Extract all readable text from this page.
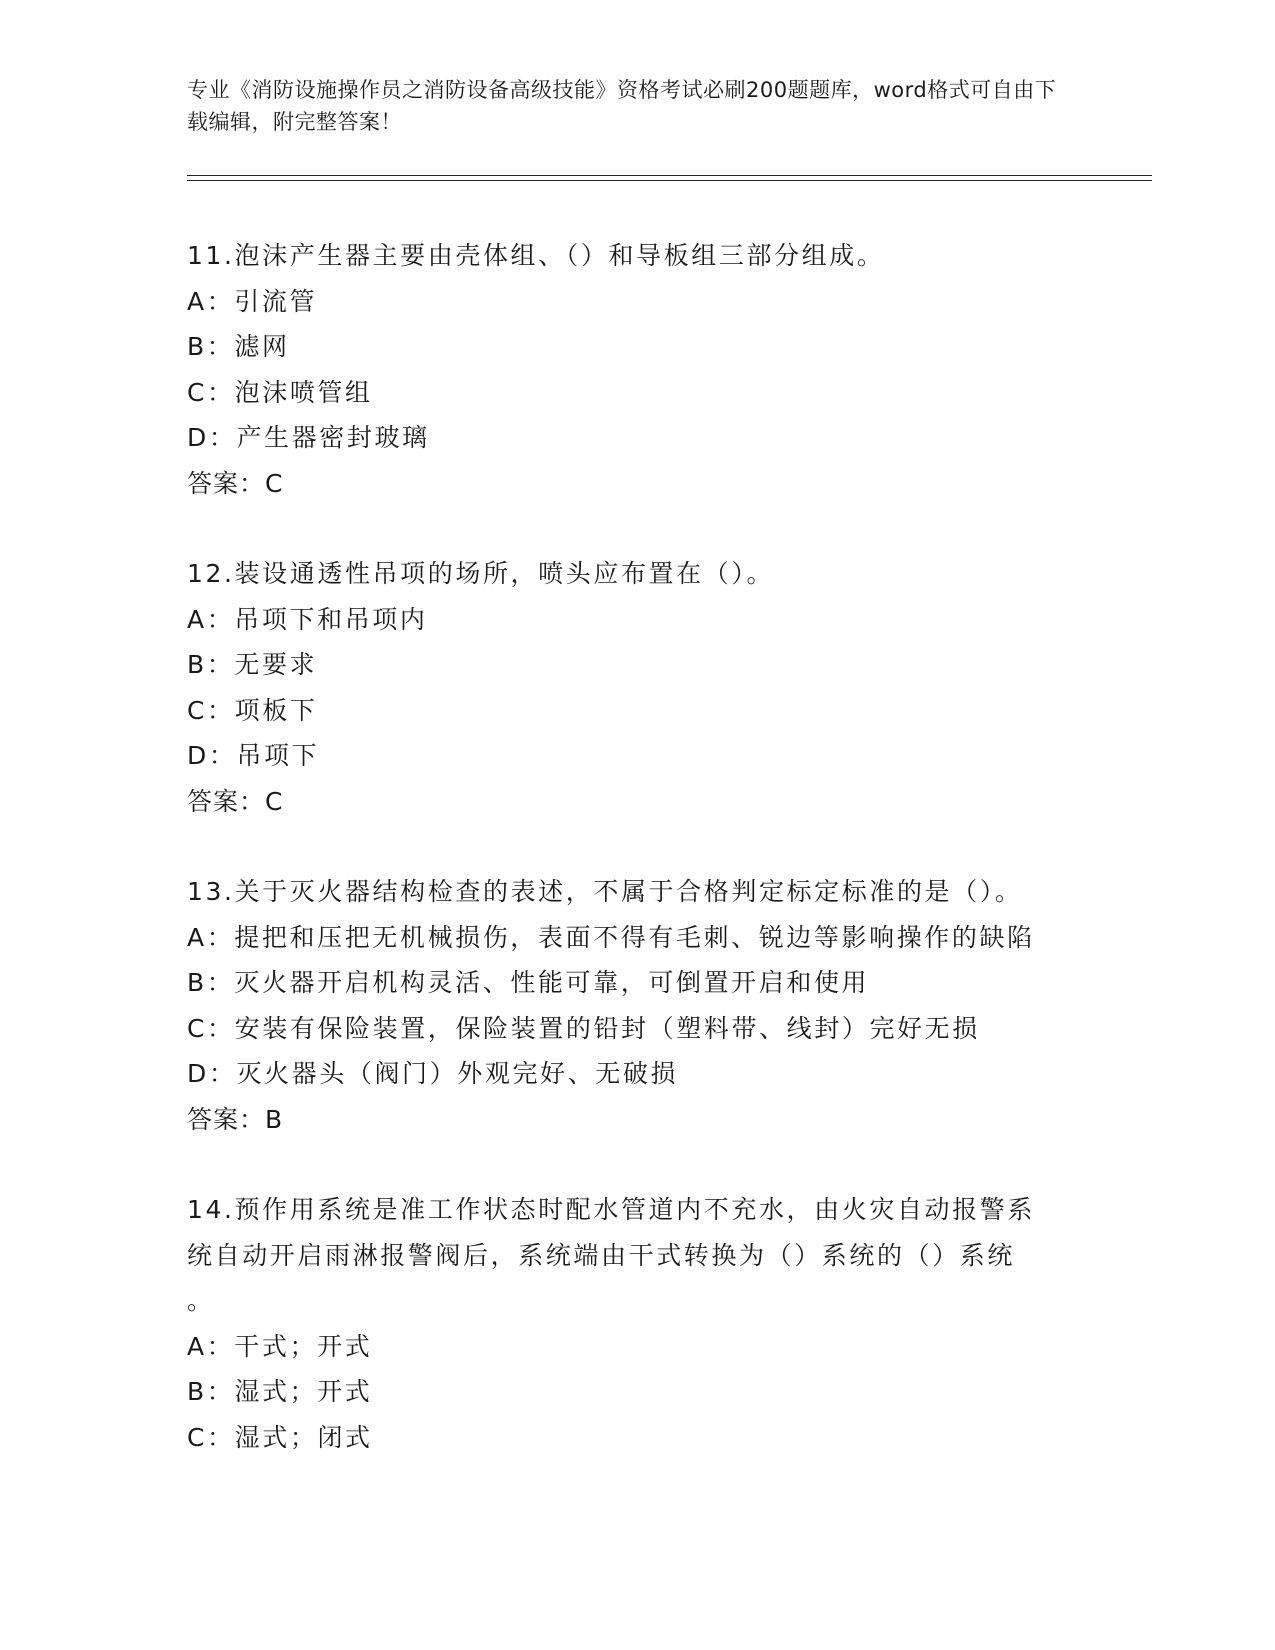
专业《消防设施操作员之消防设备高级技能》资格考试必刷200题题库，word格式可自由下载编辑，附完整答案！
11.泡沫产生器主要由壳体组、（）和导板组三部分组成。
A：引流管
B：滤网
C：泡沫喷管组
D：产生器密封玻璃
答案：C
12.装设通透性吊项的场所，喷头应布置在（）。
A：吊项下和吊项内
B：无要求
C：项板下
D：吊项下
答案：C
13.关于灭火器结构检查的表述，不属于合格判定标定标准的是（）。
A：提把和压把无机械损伤，表面不得有毛刺、锐边等影响操作的缺陷
B：灭火器开启机构灵活、性能可靠，可倒置开启和使用
C：安装有保险装置，保险装置的铅封（塑料带、线封）完好无损
D：灭火器头（阀门）外观完好、无破损
答案：B
14.预作用系统是准工作状态时配水管道内不充水，由火灾自动报警系
统自动开启雨淋报警阀后，系统端由干式转换为（）系统的（）系统
。
A：干式；开式
B：湿式；开式
C：湿式；闭式
